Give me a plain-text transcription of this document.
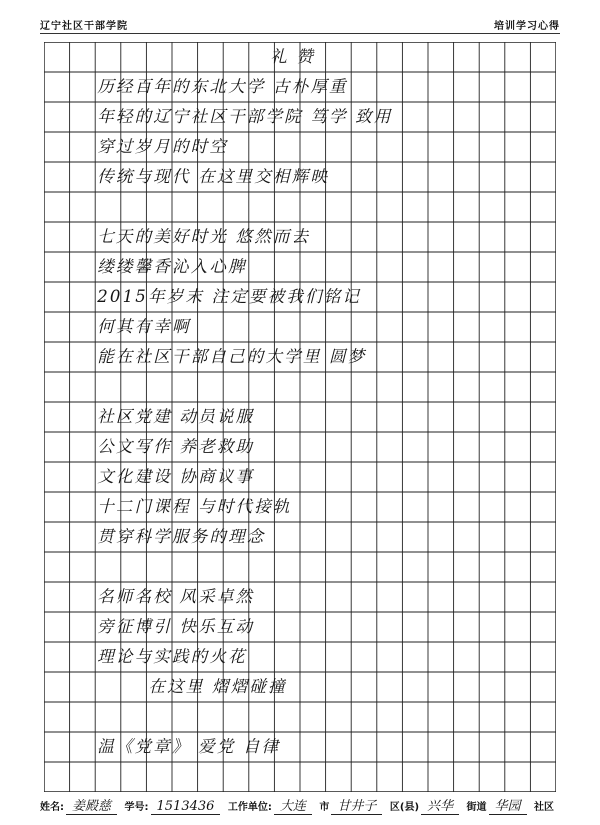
辽宁社区干部学院	培训学习心得
礼 赞
历经百年的东北大学 古朴厚重
年轻的辽宁社区干部学院 笃学 致用
穿过岁月的时空
传统与现代 在这里交相辉映
七天的美好时光 悠然而去
缕缕馨香沁入心脾
2015年岁末 注定要被我们铭记
何其有幸啊
能在社区干部自己的大学里 圆梦
社区党建 动员说服
公文写作 养老救助
文化建设 协商议事
十二门课程 与时代接轨
贯穿科学服务的理念
名师名校 风采卓然
旁征博引 快乐互动
理论与实践的火花
在这里 熠熠碰撞
温《党章》 爱党 自律
姓名: 姜殿慈 学号: 1513436 工作单位: 大连 市 甘井子 区(县) 兴华 街道 华园 社区
